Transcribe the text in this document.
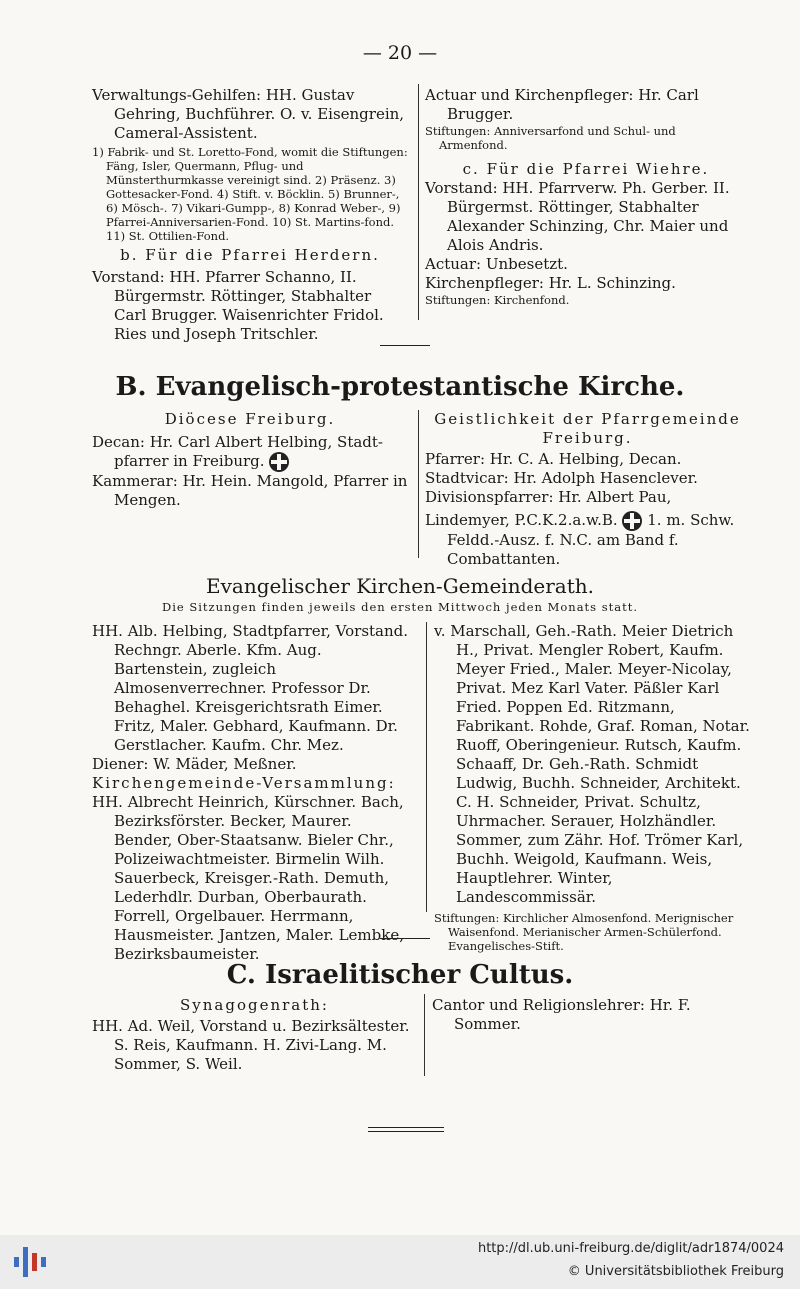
— 20 —

Verwaltungs-Gehilfen: HH. Gustav Gehring, Buchführer. O. v. Eisengrein, Cameral-Assistent.

1) Fabrik- und St. Loretto-Fond, womit die Stiftungen: Fäng, Isler, Quermann, Pflug- und Münsterthurmkasse vereinigt sind. 2) Präsenz. 3) Gottesacker-Fond. 4) Stift. v. Böcklin. 5) Brunner-, 6) Mösch-. 7) Vikari-Gumpp-, 8) Konrad Weber-, 9) Pfarrei-Anniversarien-Fond. 10) St. Martins-fond. 11) St. Ottilien-Fond.

b. Für die Pfarrei Herdern.

Vorstand: HH. Pfarrer Schanno, II. Bürgermstr. Röttinger, Stabhalter Carl Brugger. Waisenrichter Fridol. Ries und Joseph Tritschler.

Actuar und Kirchenpfleger: Hr. Carl Brugger.

Stiftungen: Anniversarfond und Schul- und Armenfond.

c. Für die Pfarrei Wiehre.

Vorstand: HH. Pfarrverw. Ph. Gerber. II. Bürgermst. Röttinger, Stabhalter Alexander Schinzing, Chr. Maier und Alois Andris.

Actuar: Unbesetzt.

Kirchenpfleger: Hr. L. Schinzing.

Stiftungen: Kirchenfond.

B. Evangelisch-protestantische Kirche.

Diöcese Freiburg.

Decan: Hr. Carl Albert Helbing, Stadt-pfarrer in Freiburg.

Kammerar: Hr. Hein. Mangold, Pfarrer in Mengen.

Geistlichkeit der Pfarrgemeinde Freiburg.

Pfarrer: Hr. C. A. Helbing, Decan.

Stadtvicar: Hr. Adolph Hasenclever.

Divisionspfarrer: Hr. Albert Pau,

Lindemyer, P.C.K.2.a.w.B. 1. m. Schw. Feldd.-Ausz. f. N.C. am Band f. Combattanten.

Evangelischer Kirchen-Gemeinderath.
Die Sitzungen finden jeweils den ersten Mittwoch jeden Monats statt.

HH. Alb. Helbing, Stadtpfarrer, Vorstand. Rechngr. Aberle. Kfm. Aug. Bartenstein, zugleich Almosenverrechner. Professor Dr. Behaghel. Kreisgerichtsrath Eimer. Fritz, Maler. Gebhard, Kaufmann. Dr. Gerstlacher. Kaufm. Chr. Mez.

Diener: W. Mäder, Meßner.

Kirchengemeinde-Versammlung:

HH. Albrecht Heinrich, Kürschner. Bach, Bezirksförster. Becker, Maurer. Bender, Ober-Staatsanw. Bieler Chr., Polizeiwachtmeister. Birmelin Wilh. Sauerbeck, Kreisger.-Rath. Demuth, Lederhdlr. Durban, Oberbaurath. Forrell, Orgelbauer. Herrmann, Hausmeister. Jantzen, Maler. Lembke, Bezirksbaumeister.

v. Marschall, Geh.-Rath. Meier Dietrich H., Privat. Mengler Robert, Kaufm. Meyer Fried., Maler. Meyer-Nicolay, Privat. Mez Karl Vater. Päßler Karl Fried. Poppen Ed. Ritzmann, Fabrikant. Rohde, Graf. Roman, Notar. Ruoff, Oberingenieur. Rutsch, Kaufm. Schaaff, Dr. Geh.-Rath. Schmidt Ludwig, Buchh. Schneider, Architekt. C. H. Schneider, Privat. Schultz, Uhrmacher. Serauer, Holzhändler. Sommer, zum Zähr. Hof. Trömer Karl, Buchh. Weigold, Kaufmann. Weis, Hauptlehrer. Winter, Landescommissär.

Stiftungen: Kirchlicher Almosenfond. Merignischer Waisenfond. Merianischer Armen-Schülerfond. Evangelisches-Stift.

C. Israelitischer Cultus.

Synagogenrath:

HH. Ad. Weil, Vorstand u. Bezirksältester. S. Reis, Kaufmann. H. Zivi-Lang. M. Sommer, S. Weil.

Cantor und Religionslehrer: Hr. F. Sommer.

http://dl.ub.uni-freiburg.de/diglit/adr1874/0024
© Universitätsbibliothek Freiburg
